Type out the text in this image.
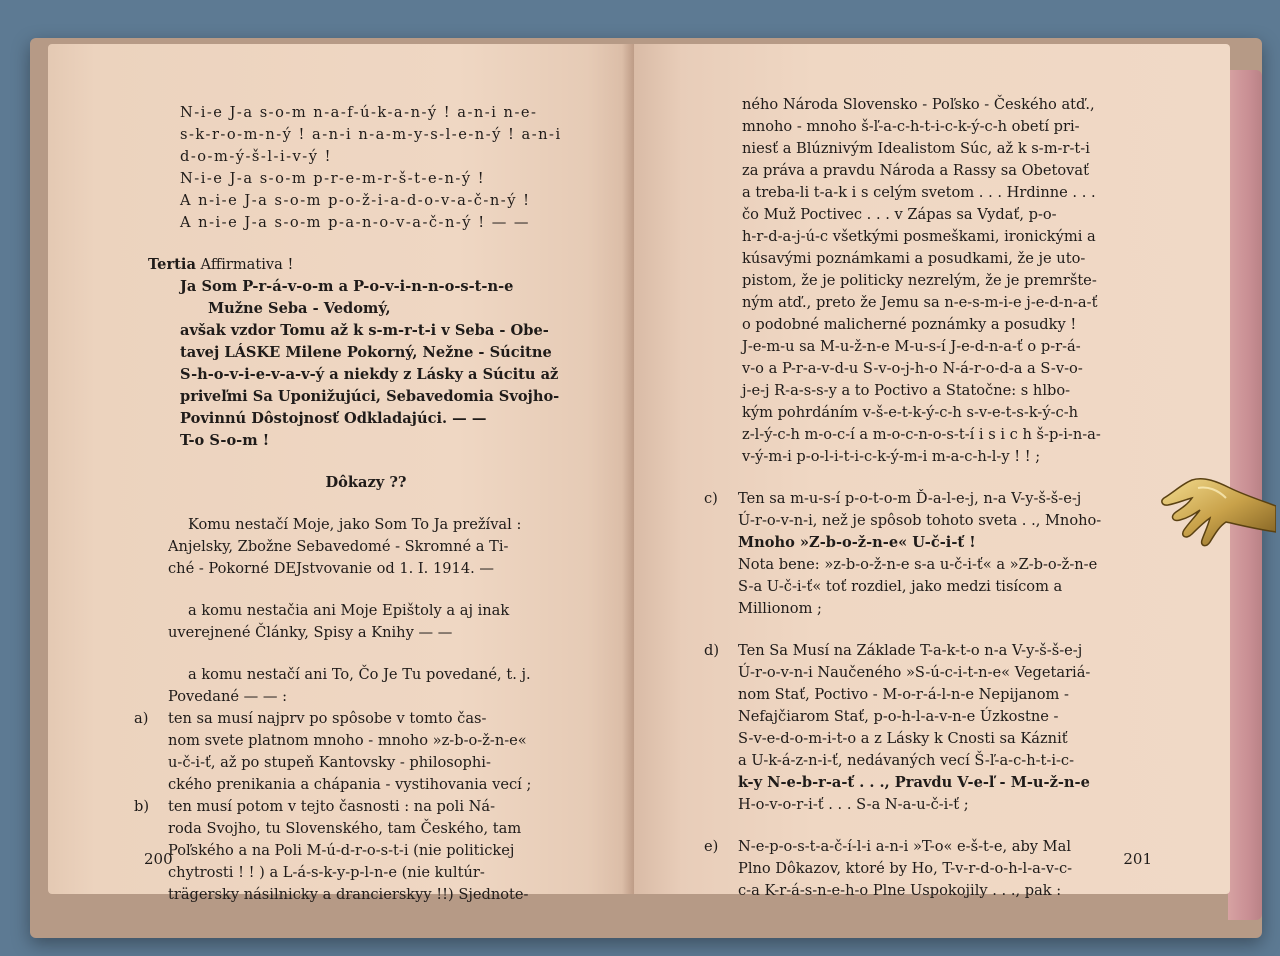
N-i-e J-a s-o-m n-a-f-ú-k-a-n-ý ! a-n-i n-e-
s-k-r-o-m-n-ý ! a-n-i n-a-m-y-s-l-e-n-ý ! a-n-i
d-o-m-ý-š-l-i-v-ý !
N-i-e J-a s-o-m p-r-e-m-r-š-t-e-n-ý !
A n-i-e J-a s-o-m p-o-ž-i-a-d-o-v-a-č-n-ý !
A n-i-e J-a s-o-m p-a-n-o-v-a-č-n-ý ! — —
Tertia Affirmativa !
Ja Som P-r-á-v-o-m a P-o-v-i-n-n-o-s-t-n-e
Mužne Seba - Vedomý,
avšak vzdor Tomu až k s-m-r-t-i v Seba - Obe-
tavej LÁSKE Milene Pokorný, Nežne - Súcitne
S-h-o-v-i-e-v-a-v-ý a niekdy z Lásky a Súcitu až
priveľmi Sa Uponižujúci, Sebavedomia Svojho-
Povinnú Dôstojnosť Odkladajúci. — —
T-o S-o-m !
Dôkazy ??
Komu nestačí Moje, jako Som To Ja prežíval :
Anjelsky, Zbožne Sebavedomé - Skromné a Ti-
ché - Pokorné DEJstvovanie od 1. I. 1914. —
a komu nestačia ani Moje Epištoly a aj inak
uverejnené Články, Spisy a Knihy — —
a komu nestačí ani To, Čo Je Tu povedané, t. j.
Povedané — — :
a)	ten sa musí najprv po spôsobe v tomto čas-
nom svete platnom mnoho - mnoho »z-b-o-ž-n-e«
u-č-i-ť, až po stupeň Kantovsky - philosophi-
ckého prenikania a chápania - vystihovania vecí ;
b)	ten musí potom v tejto časnosti : na poli Ná-
roda Svojho, tu Slovenského, tam Českého, tam
Poľského a na Poli M-ú-d-r-o-s-t-i (nie politickej
chytrosti ! ! ) a L-á-s-k-y-p-l-n-e (nie kultúr-
trägersky násilnicky a drancierskyy !!) Sjednote-
200
ného Národa Slovensko - Poľsko - Českého atď.,
mnoho - mnoho š-ľ-a-c-h-t-i-c-k-ý-c-h obetí pri-
niesť a Blúznivým Idealistom Súc, až k s-m-r-t-i
za práva a pravdu Národa a Rassy sa Obetovať
a treba-li t-a-k i s celým svetom . . . Hrdinne . . .
čo Muž Poctivec . . . v Zápas sa Vydať, p-o-
h-r-d-a-j-ú-c všetkými posmeškami, ironickými a
kúsavými poznámkami a posudkami, že je uto-
pistom, že je politicky nezrelým, že je premršte-
ným atď., preto že Jemu sa n-e-s-m-i-e j-e-d-n-a-ť
o podobné malicherné poznámky a posudky !
J-e-m-u sa M-u-ž-n-e M-u-s-í J-e-d-n-a-ť o p-r-á-
v-o a P-r-a-v-d-u S-v-o-j-h-o N-á-r-o-d-a a S-v-o-
j-e-j R-a-s-s-y a to Poctivo a Statočne: s hlbo-
kým pohrdáním v-š-e-t-k-ý-c-h s-v-e-t-s-k-ý-c-h
z-l-ý-c-h m-o-c-í a m-o-c-n-o-s-t-í i s i c h š-p-i-n-a-
v-ý-m-i p-o-l-i-t-i-c-k-ý-m-i m-a-c-h-l-y ! ! ;
c)	Ten sa m-u-s-í p-o-t-o-m Ď-a-l-e-j, n-a V-y-š-š-e-j
Ú-r-o-v-n-i, než je spôsob tohoto sveta . ., Mnoho-
Mnoho »Z-b-o-ž-n-e« U-č-i-ť !
Nota bene: »z-b-o-ž-n-e s-a u-č-i-ť« a »Z-b-o-ž-n-e
S-a U-č-i-ť« toť rozdiel, jako medzi tisícom a
Millionom ;
d)	Ten Sa Musí na Základe T-a-k-t-o n-a V-y-š-š-e-j
Ú-r-o-v-n-i Naučeného »S-ú-c-i-t-n-e« Vegetariá-
nom Stať, Poctivo - M-o-r-á-l-n-e Nepijanom -
Nefajčiarom Stať, p-o-h-l-a-v-n-e Úzkostne -
S-v-e-d-o-m-i-t-o a z Lásky k Cnosti sa Kázniť
a U-k-á-z-n-i-ť, nedávaných vecí Š-ľ-a-c-h-t-i-c-
k-y N-e-b-r-a-ť . . ., Pravdu V-e-ľ - M-u-ž-n-e
H-o-v-o-r-i-ť . . . S-a N-a-u-č-i-ť ;
e)	N-e-p-o-s-t-a-č-í-l-i a-n-i »T-o« e-š-t-e, aby Mal
Plno Dôkazov, ktoré by Ho, T-v-r-d-o-h-l-a-v-c-
c-a K-r-á-s-n-e-h-o Plne Uspokojily . . ., pak :
201
